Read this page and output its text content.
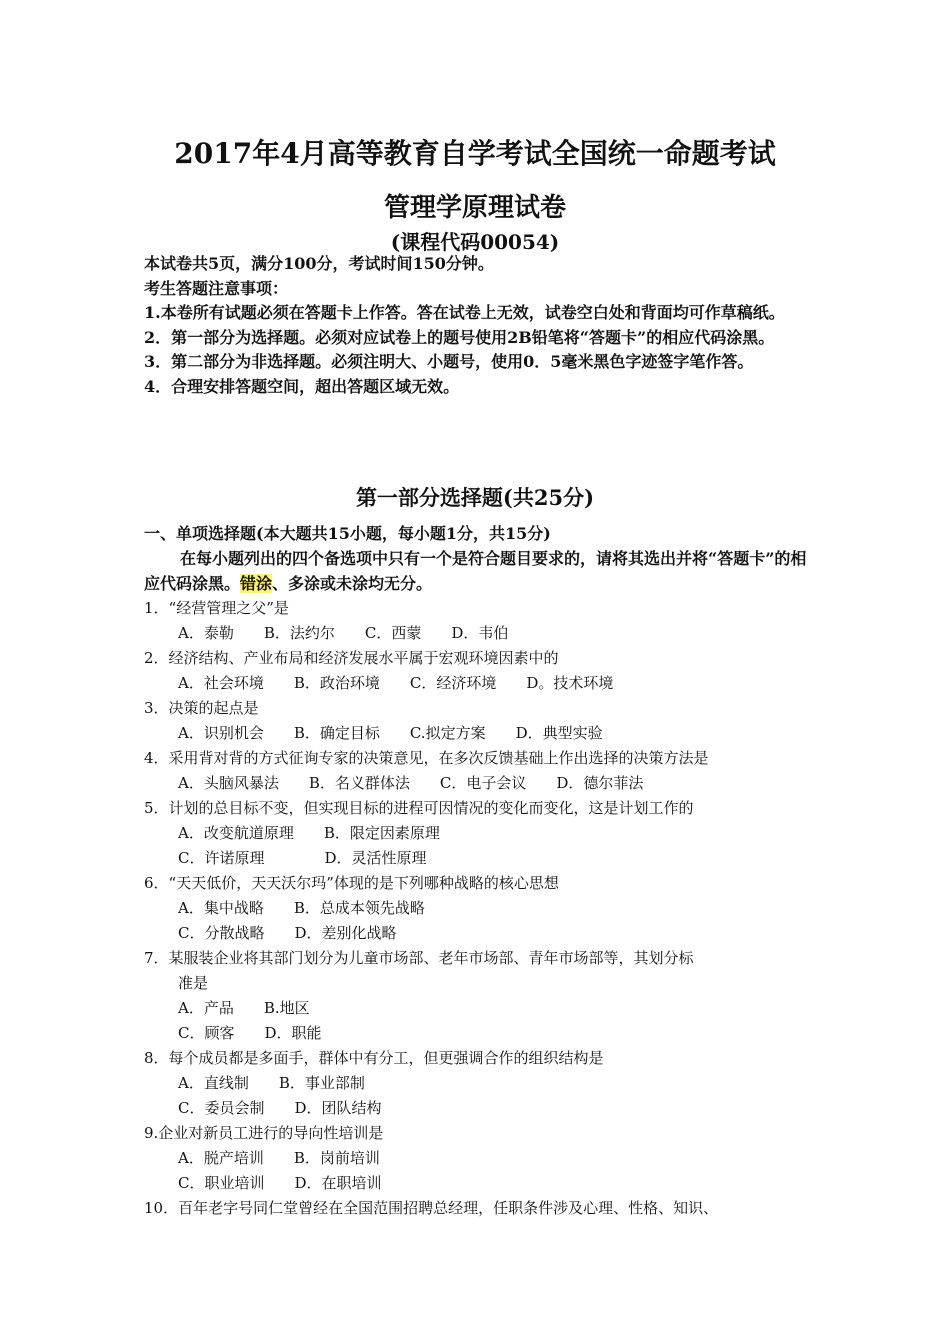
2017年4月高等教育自学考试全国统一命题考试
管理学原理试卷
(课程代码00054)

本试卷共5页，满分100分，考试时间150分钟。

考生答题注意事项：

1.本卷所有试题必须在答题卡上作答。答在试卷上无效，试卷空白处和背面均可作草稿纸。

2．第一部分为选择题。必须对应试卷上的题号使用2B铅笔将“答题卡”的相应代码涂黑。

3．第二部分为非选择题。必须注明大、小题号，使用0．5毫米黑色字迹签字笔作答。

4．合理安排答题空间，超出答题区域无效。

第一部分选择题(共25分)

一、单项选择题(本大题共15小题，每小题1分，共15分)

在每小题列出的四个备选项中只有一个是符合题目要求的，请将其选出并将“答题卡”的相应代码涂黑。错涂、多涂或未涂均无分。

1．“经营管理之父”是
A．泰勒　　B．法约尔　　C．西蒙　　D．韦伯
2．经济结构、产业布局和经济发展水平属于宏观环境因素中的
A．社会环境　　B．政治环境　　C．经济环境　　D。技术环境
3．决策的起点是
A．识别机会　　B．确定目标　　C.拟定方案　　D．典型实验
4．采用背对背的方式征询专家的决策意见，在多次反馈基础上作出选择的决策方法是
A．头脑风暴法　　B．名义群体法　　C．电子会议　　D．德尔菲法
5．计划的总目标不变，但实现目标的进程可因情况的变化而变化，这是计划工作的
A．改变航道原理　　B．限定因素原理
C．许诺原理　　　　D．灵活性原理
6．“天天低价，天天沃尔玛”体现的是下列哪种战略的核心思想
A．集中战略　　B．总成本领先战略
C．分散战略　　D．差别化战略
7．某服装企业将其部门划分为儿童市场部、老年市场部、青年市场部等，其划分标
准是
A．产品　　B.地区
C．顾客　　D．职能
8．每个成员都是多面手，群体中有分工，但更强调合作的组织结构是
A．直线制　　B．事业部制
C．委员会制　　D．团队结构
9.企业对新员工进行的导向性培训是
A．脱产培训　　B．岗前培训
C．职业培训　　D．在职培训
10．百年老字号同仁堂曾经在全国范围招聘总经理，任职条件涉及心理、性格、知识、
